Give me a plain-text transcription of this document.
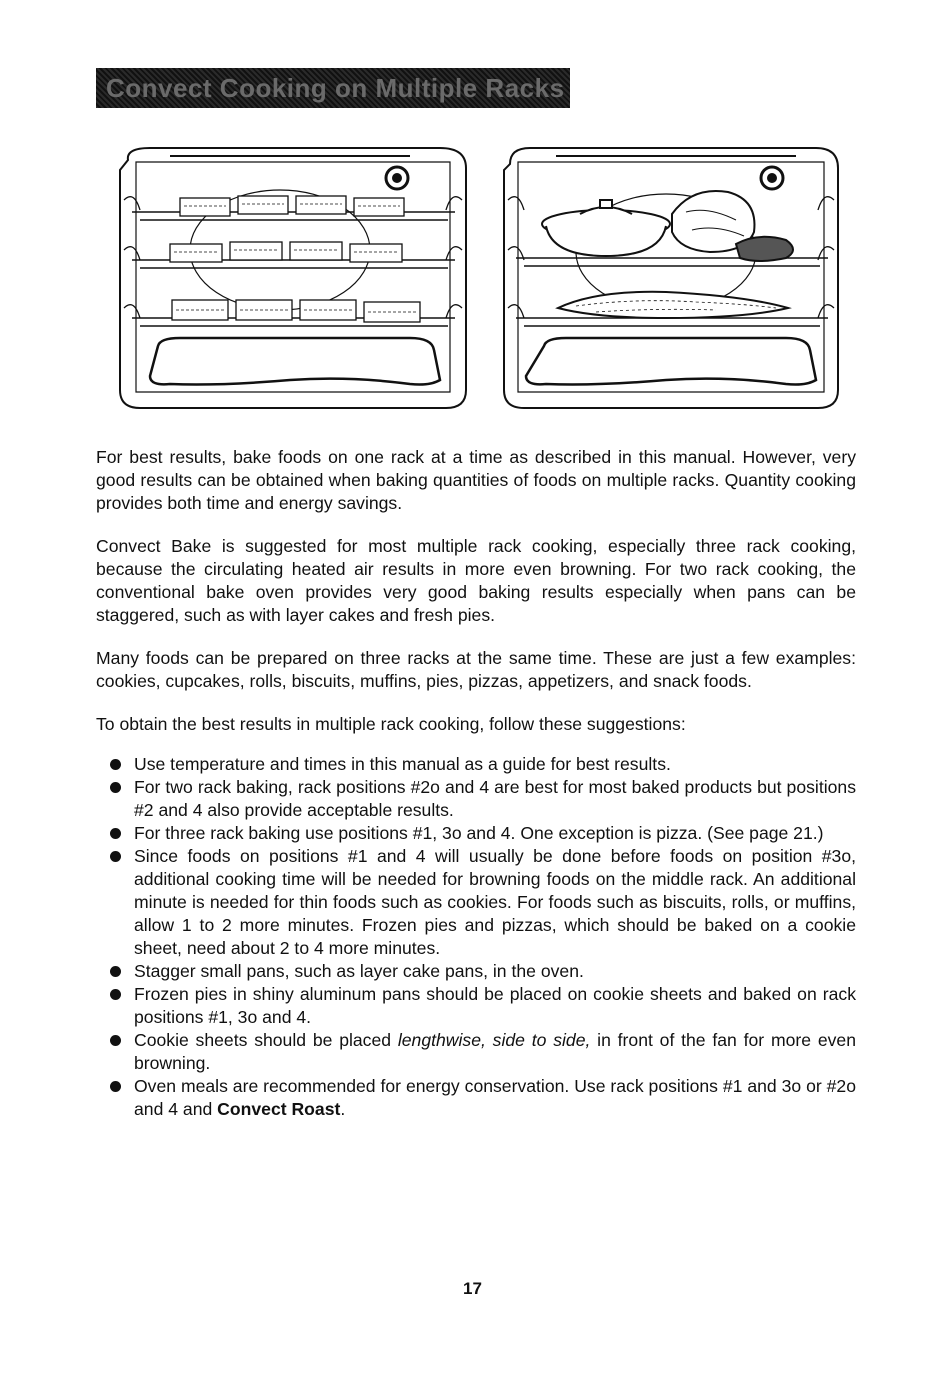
Convect Cooking on Multiple Racks

For best results, bake foods on one rack at a time as described in this manual. However, very good results can be obtained when baking quantities of foods on multiple racks. Quantity cooking provides both time and energy savings.

Convect Bake is suggested for most multiple rack cooking, especially three rack cooking, because the circulating heated air results in more even browning. For two rack cooking, the conventional bake oven provides very good baking results especially when pans can be staggered, such as with layer cakes and fresh pies.

Many foods can be prepared on three racks at the same time. These are just a few examples: cookies, cupcakes, rolls, biscuits, muffins, pies, pizzas, appetizers, and snack foods.

To obtain the best results in multiple rack cooking, follow these suggestions:

Use temperature and times in this manual as a guide for best results.
For two rack baking, rack positions #2o and 4 are best for most baked products but positions #2 and 4 also provide acceptable results.
For three rack baking use positions #1, 3o and 4. One exception is pizza. (See page 21.)
Since foods on positions #1 and 4 will usually be done before foods on position #3o, additional cooking time will be needed for browning foods on the middle rack. An additional minute is needed for thin foods such as cookies. For foods such as biscuits, rolls, or muffins, allow 1 to 2 more minutes. Frozen pies and pizzas, which should be baked on a cookie sheet, need about 2 to 4 more minutes.
Stagger small pans, such as layer cake pans, in the oven.
Frozen pies in shiny aluminum pans should be placed on cookie sheets and baked on rack positions #1, 3o and 4.
Cookie sheets should be placed lengthwise, side to side, in front of the fan for more even browning.
Oven meals are recommended for energy conservation. Use rack positions #1 and 3o or #2o and 4 and Convect Roast.
17
